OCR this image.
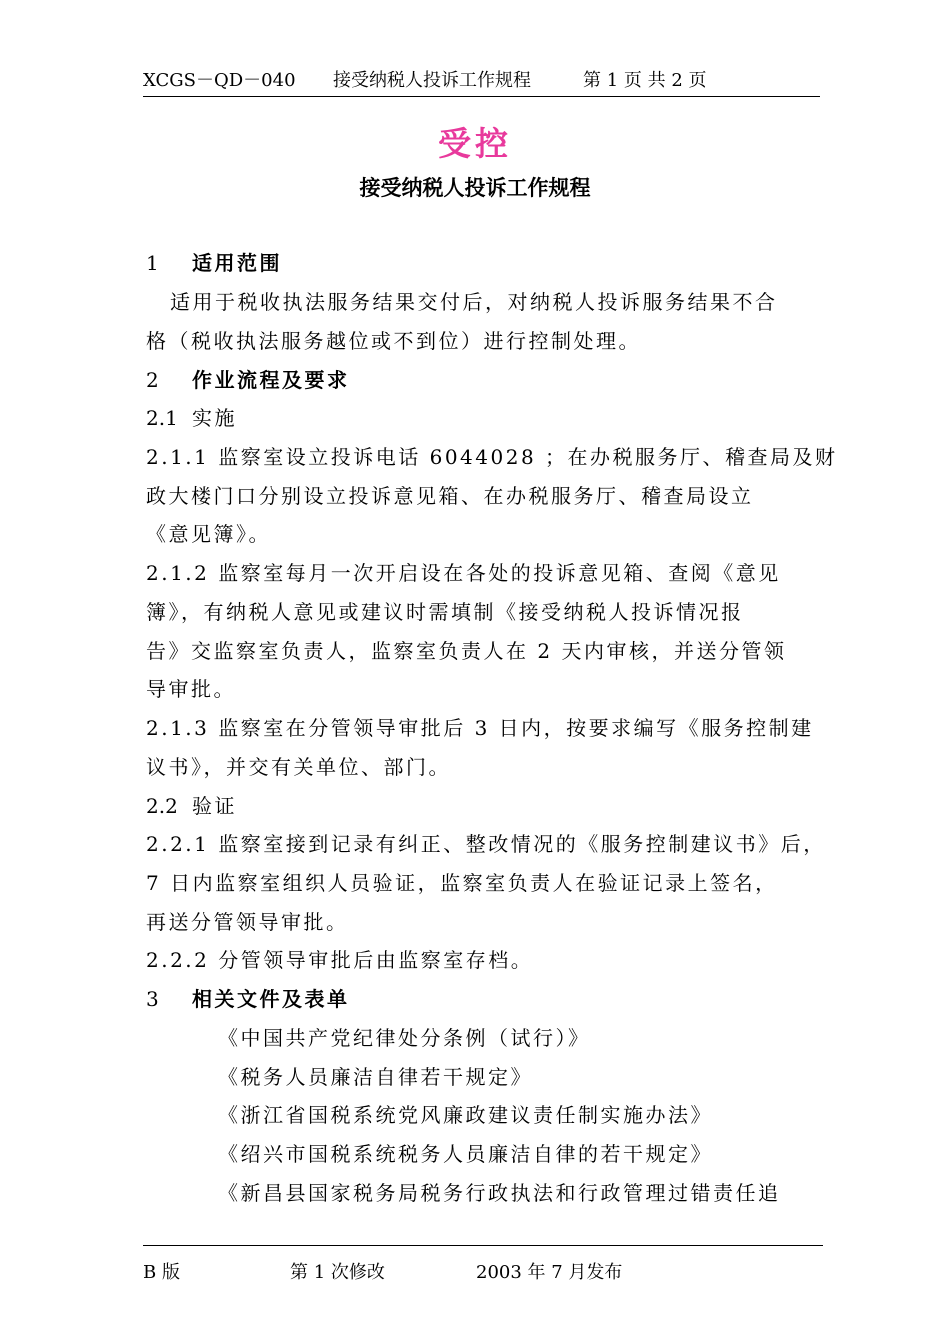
XCGS－QD－040 接受纳税人投诉工作规程	第 1 页 共 2 页
受控
接受纳税人投诉工作规程
1 适用范围
适用于税收执法服务结果交付后，对纳税人投诉服务结果不合
格（税收执法服务越位或不到位）进行控制处理。
2 作业流程及要求
2.1 实施
2.1.1 监察室设立投诉电话 6044028 ；在办税服务厅、稽查局及财
政大楼门口分别设立投诉意见箱、在办税服务厅、稽查局设立
《意见簿》。
2.1.2 监察室每月一次开启设在各处的投诉意见箱、查阅《意见
簿》，有纳税人意见或建议时需填制《接受纳税人投诉情况报
告》交监察室负责人，监察室负责人在 2 天内审核，并送分管领
导审批。
2.1.3 监察室在分管领导审批后 3 日内，按要求编写《服务控制建
议书》，并交有关单位、部门。
2.2 验证
2.2.1 监察室接到记录有纠正、整改情况的《服务控制建议书》后，
7 日内监察室组织人员验证，监察室负责人在验证记录上签名，
再送分管领导审批。
2.2.2 分管领导审批后由监察室存档。
3 相关文件及表单
《中国共产党纪律处分条例（试行）》
《税务人员廉洁自律若干规定》
《浙江省国税系统党风廉政建议责任制实施办法》
《绍兴市国税系统税务人员廉洁自律的若干规定》
《新昌县国家税务局税务行政执法和行政管理过错责任追
B 版	第 1 次修改	2003 年 7 月发布
